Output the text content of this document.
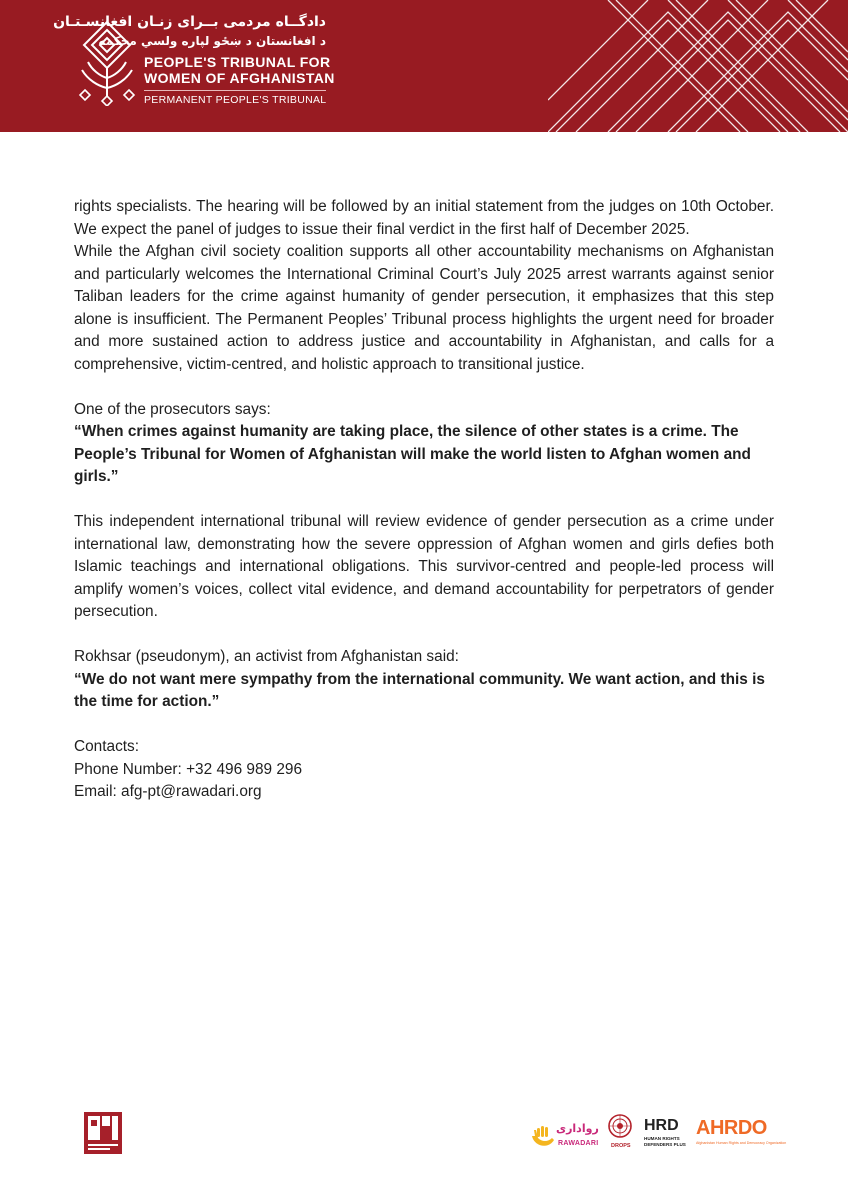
دادگــاه مردمی بــرای زنـان افغانسـتـان
د افغانستان د ښځو لپاره ولسي محکمه
PEOPLE'S TRIBUNAL FOR
WOMEN OF AFGHANISTAN
PERMANENT PEOPLE'S TRIBUNAL

rights specialists. The hearing will be followed by an initial statement from the judges on 10th October. We expect the panel of judges to issue their final verdict in the first half of December 2025.

While the Afghan civil society coalition supports all other accountability mechanisms on Afghanistan and particularly welcomes the International Criminal Court’s July 2025 arrest warrants against senior Taliban leaders for the crime against humanity of gender persecution, it emphasizes that this step alone is insufficient. The Permanent Peoples’ Tribunal process highlights the urgent need for broader and more sustained action to address justice and accountability in Afghanistan, and calls for a comprehensive, victim-centred, and holistic approach to transitional justice.

One of the prosecutors says:

“When crimes against humanity are taking place, the silence of other states is a crime. The People’s Tribunal for Women of Afghanistan will make the world listen to Afghan women and girls.”

This independent international tribunal will review evidence of gender persecution as a crime under international law, demonstrating how the severe oppression of Afghan women and girls defies both Islamic teachings and international obligations. This survivor-centred and people-led process will amplify women’s voices, collect vital evidence, and demand accountability for perpetrators of gender persecution.

Rokhsar (pseudonym), an activist from Afghanistan said:

“We do not want mere sympathy from the international community. We want action, and this is the time for action.”

Contacts:

Phone Number: +32 496 989 296

Email: afg-pt@rawadari.org

رواداری
RAWADARI DROPS
HRD
HUMAN RIGHTS
DEFENDERS PLUS
AHRDO
Afghanistan Human Rights and Democracy Organization
